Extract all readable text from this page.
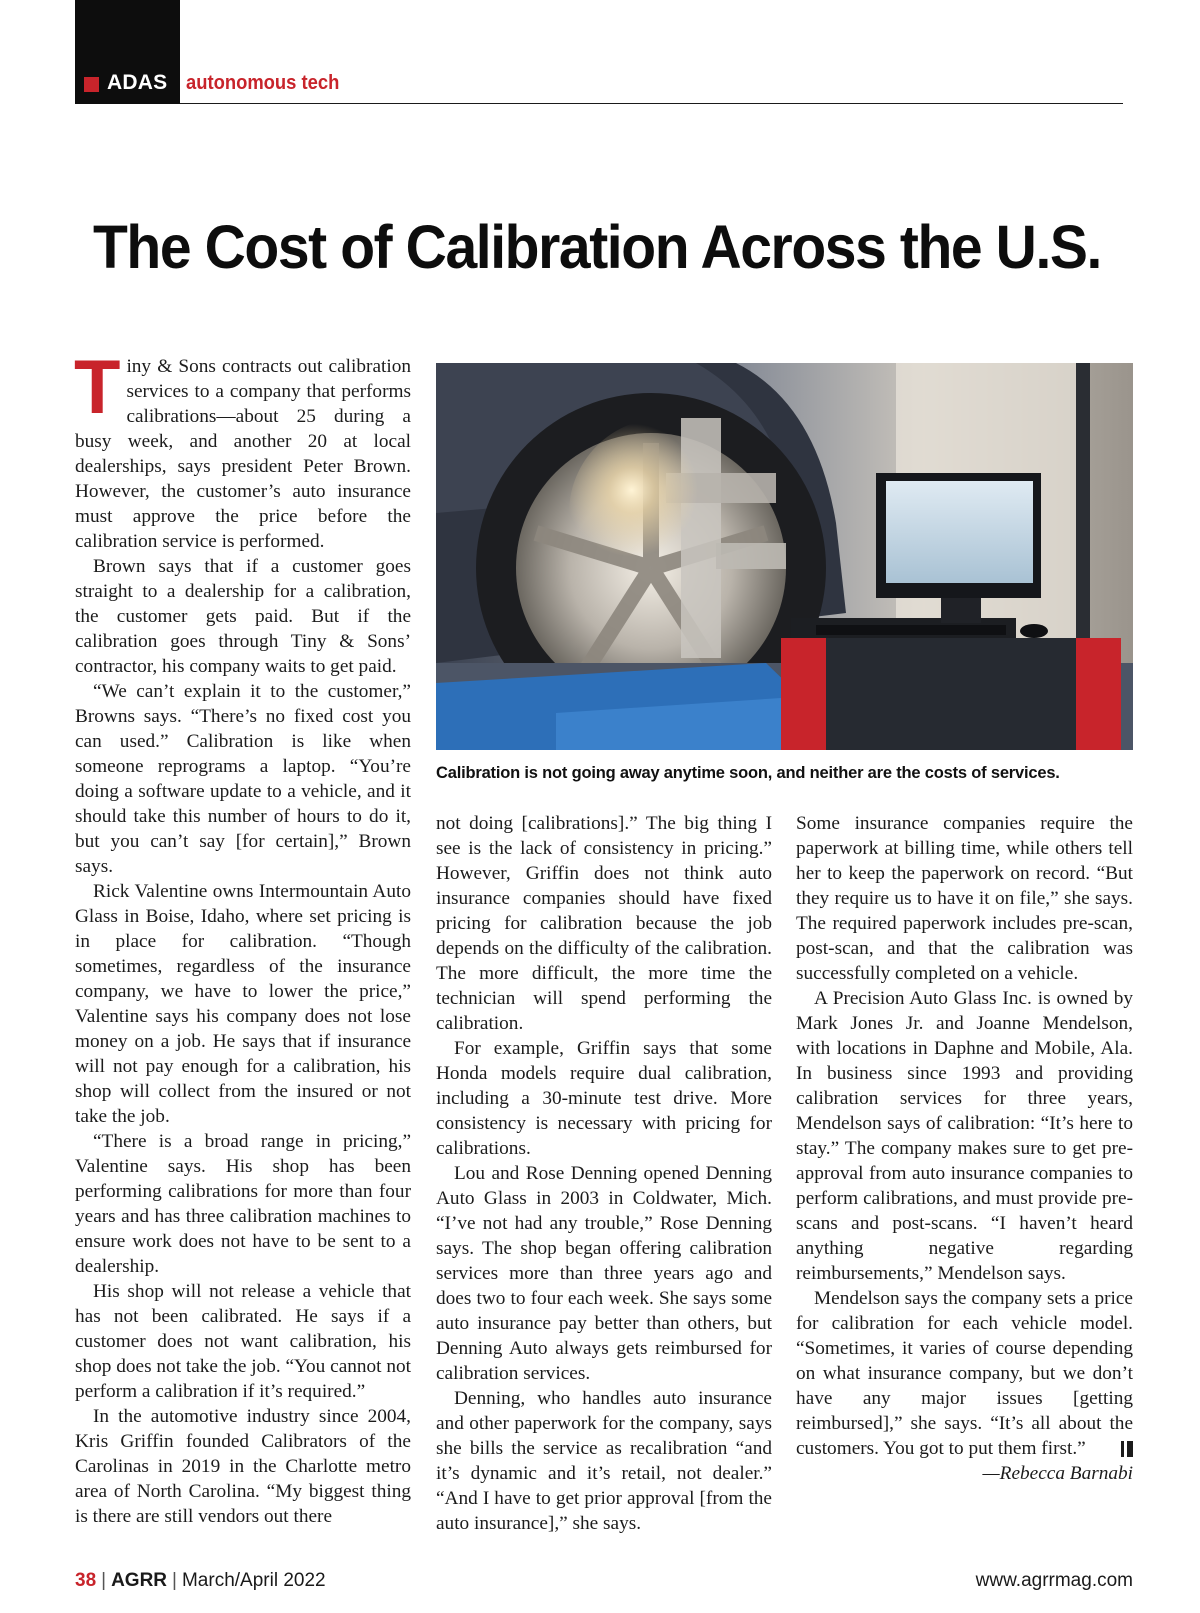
ADAS autonomous tech
The Cost of Calibration Across the U.S.

Tiny & Sons contracts out calibration services to a company that performs calibrations—about 25 during a busy week, and another 20 at local dealerships, says president Peter Brown. However, the customer’s auto insurance must approve the price before the calibration service is performed.

Brown says that if a customer goes straight to a dealership for a calibration, the customer gets paid. But if the calibration goes through Tiny & Sons’ contractor, his company waits to get paid.

“We can’t explain it to the customer,” Browns says. “There’s no fixed cost you can used.” Calibration is like when someone reprograms a laptop. “You’re doing a software update to a vehicle, and it should take this number of hours to do it, but you can’t say [for certain],” Brown says.

Rick Valentine owns Intermountain Auto Glass in Boise, Idaho, where set pricing is in place for calibration. “Though sometimes, regardless of the insurance company, we have to lower the price,” Valentine says his company does not lose money on a job. He says that if insurance will not pay enough for a calibration, his shop will collect from the insured or not take the job.

“There is a broad range in pricing,” Valentine says. His shop has been performing calibrations for more than four years and has three calibration machines to ensure work does not have to be sent to a dealership.

His shop will not release a vehicle that has not been calibrated. He says if a customer does not want calibration, his shop does not take the job. “You cannot not perform a calibration if it’s required.”

In the automotive industry since 2004, Kris Griffin founded Calibrators of the Carolinas in 2019 in the Charlotte metro area of North Carolina. “My biggest thing is there are still vendors out there

Calibration is not going away anytime soon, and neither are the costs of services.

not doing [calibrations].” The big thing I see is the lack of consistency in pricing.” However, Griffin does not think auto insurance companies should have fixed pricing for calibration because the job depends on the difficulty of the calibration. The more difficult, the more time the technician will spend performing the calibration.

For example, Griffin says that some Honda models require dual calibration, including a 30-minute test drive. More consistency is necessary with pricing for calibrations.

Lou and Rose Denning opened Denning Auto Glass in 2003 in Coldwater, Mich. “I’ve not had any trouble,” Rose Denning says. The shop began offering calibration services more than three years ago and does two to four each week. She says some auto insurance pay better than others, but Denning Auto always gets reimbursed for calibration services.

Denning, who handles auto insurance and other paperwork for the company, says she bills the service as recalibration “and it’s dynamic and it’s retail, not dealer.” “And I have to get prior approval [from the auto insurance],” she says.

Some insurance companies require the paperwork at billing time, while others tell her to keep the paperwork on record. “But they require us to have it on file,” she says. The required paperwork includes pre-scan, post-scan, and that the calibration was successfully completed on a vehicle.

A Precision Auto Glass Inc. is owned by Mark Jones Jr. and Joanne Mendelson, with locations in Daphne and Mobile, Ala. In business since 1993 and providing calibration services for three years, Mendelson says of calibration: “It’s here to stay.” The company makes sure to get pre-approval from auto insurance companies to perform calibrations, and must provide pre-scans and post-scans. “I haven’t heard anything negative regarding reimbursements,” Mendelson says.

Mendelson says the company sets a price for calibration for each vehicle model. “Sometimes, it varies of course depending on what insurance company, but we don’t have any major issues [getting reimbursed],” she says. “It’s all about the customers. You got to put them first.”

—Rebecca Barnabi

38 | AGRR | March/April 2022	www.agrrmag.com
